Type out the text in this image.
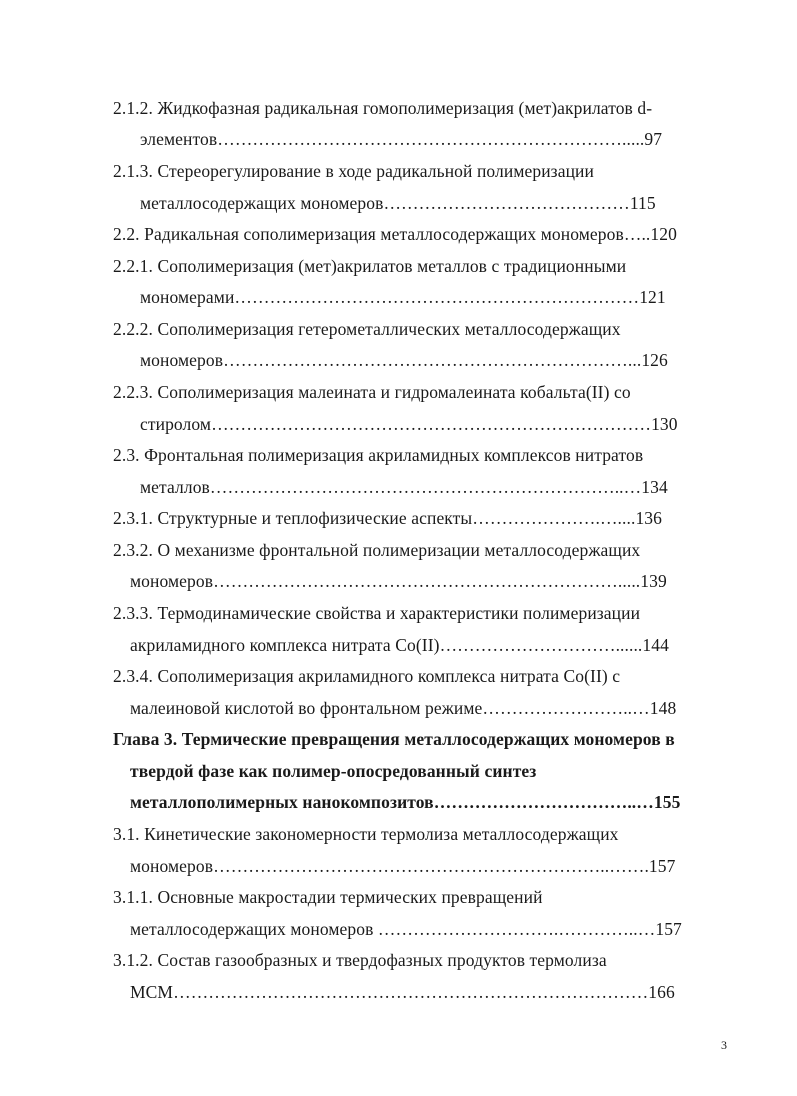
2.1.2. Жидкофазная радикальная гомополимеризация (мет)акрилатов d-

элементов…………………………………………………………….....97

2.1.3. Стереорегулирование в ходе радикальной полимеризации

металлосодержащих мономеров……………………………………115

2.2. Радикальная сополимеризация металлосодержащих мономеров…..120

2.2.1. Сополимеризация (мет)акрилатов металлов с традиционными

мономерами……………………………………………………………121

2.2.2. Сополимеризация гетерометаллических металлосодержащих

мономеров……………………………………………………………...126

2.2.3. Сополимеризация малеината и гидромалеината кобальта(II) со

стиролом…………………………………………………………………130

2.3. Фронтальная полимеризация акриламидных комплексов нитратов

металлов……………………………………………………………..…134

2.3.1. Структурные и теплофизические аспекты………………….…....136

2.3.2. О механизме фронтальной полимеризации металлосодержащих

мономеров…………………………………………………………….....139

2.3.3. Термодинамические свойства и характеристики полимеризации

акриламидного комплекса нитрата Co(II)…………………………......144

2.3.4. Сополимеризация акриламидного комплекса нитрата Co(II) с

малеиновой кислотой во фронтальном режиме……………………..…148

Глава 3. Термические превращения металлосодержащих мономеров в

твердой фазе как полимер-опосредованный синтез

металлополимерных нанокомпозитов……………………………..…155

3.1. Кинетические закономерности термолиза металлосодержащих

мономеров…………………………………………………………..…….157

3.1.1. Основные макростадии термических превращений

металлосодержащих мономеров ………………………….…………..…157

3.1.2. Состав газообразных и твердофазных продуктов термолиза

МСМ………………………………………………………………………166

3
